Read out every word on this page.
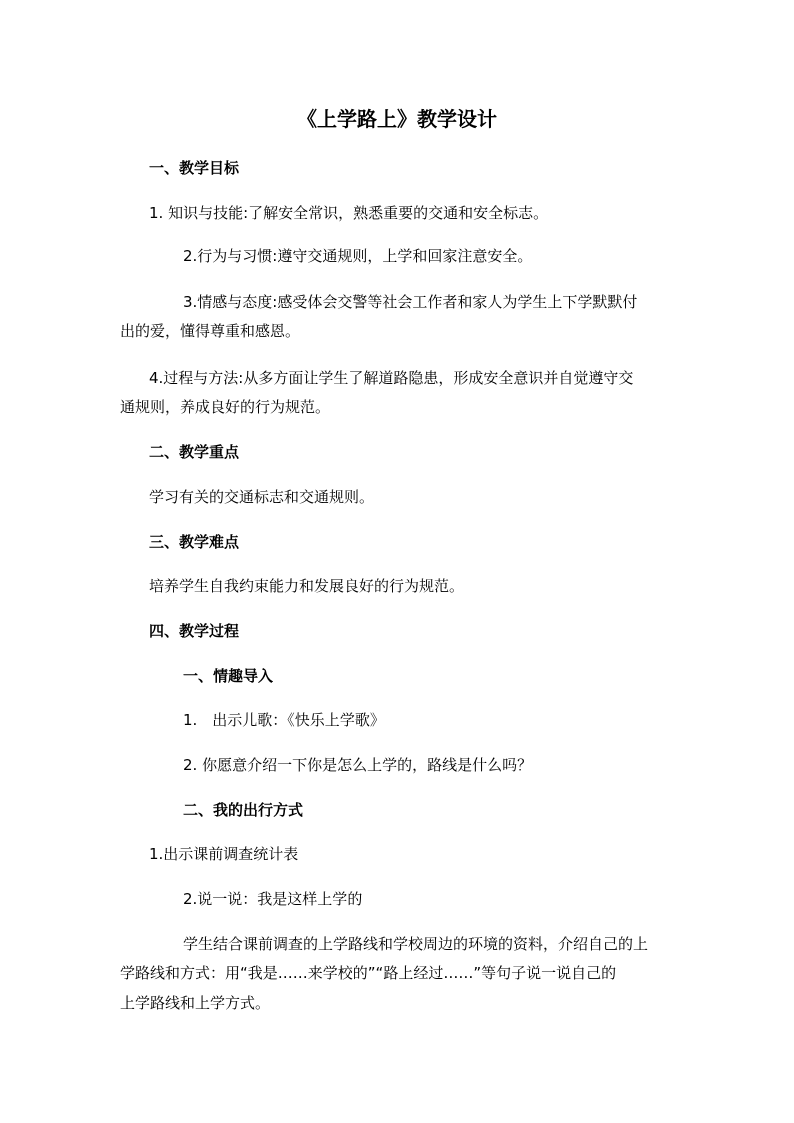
《上学路上》教学设计
一、教学目标
1. 知识与技能:了解安全常识，熟悉重要的交通和安全标志。
2.行为与习惯:遵守交通规则，上学和回家注意安全。
3.情感与态度:感受体会交警等社会工作者和家人为学生上下学默默付
出的爱，懂得尊重和感恩。
4.过程与方法:从多方面让学生了解道路隐患，形成安全意识并自觉遵守交
通规则，养成良好的行为规范。
二、教学重点
学习有关的交通标志和交通规则。
三、教学难点
培养学生自我约束能力和发展良好的行为规范。
四、教学过程
一、情趣导入
1.　出示儿歌：《快乐上学歌》
2. 你愿意介绍一下你是怎么上学的，路线是什么吗？
二、我的出行方式
1.出示课前调查统计表
2.说一说：我是这样上学的
学生结合课前调查的上学路线和学校周边的环境的资料，介绍自己的上
学路线和方式：用“我是……来学校的”“路上经过……”等句子说一说自己的
上学路线和上学方式。
